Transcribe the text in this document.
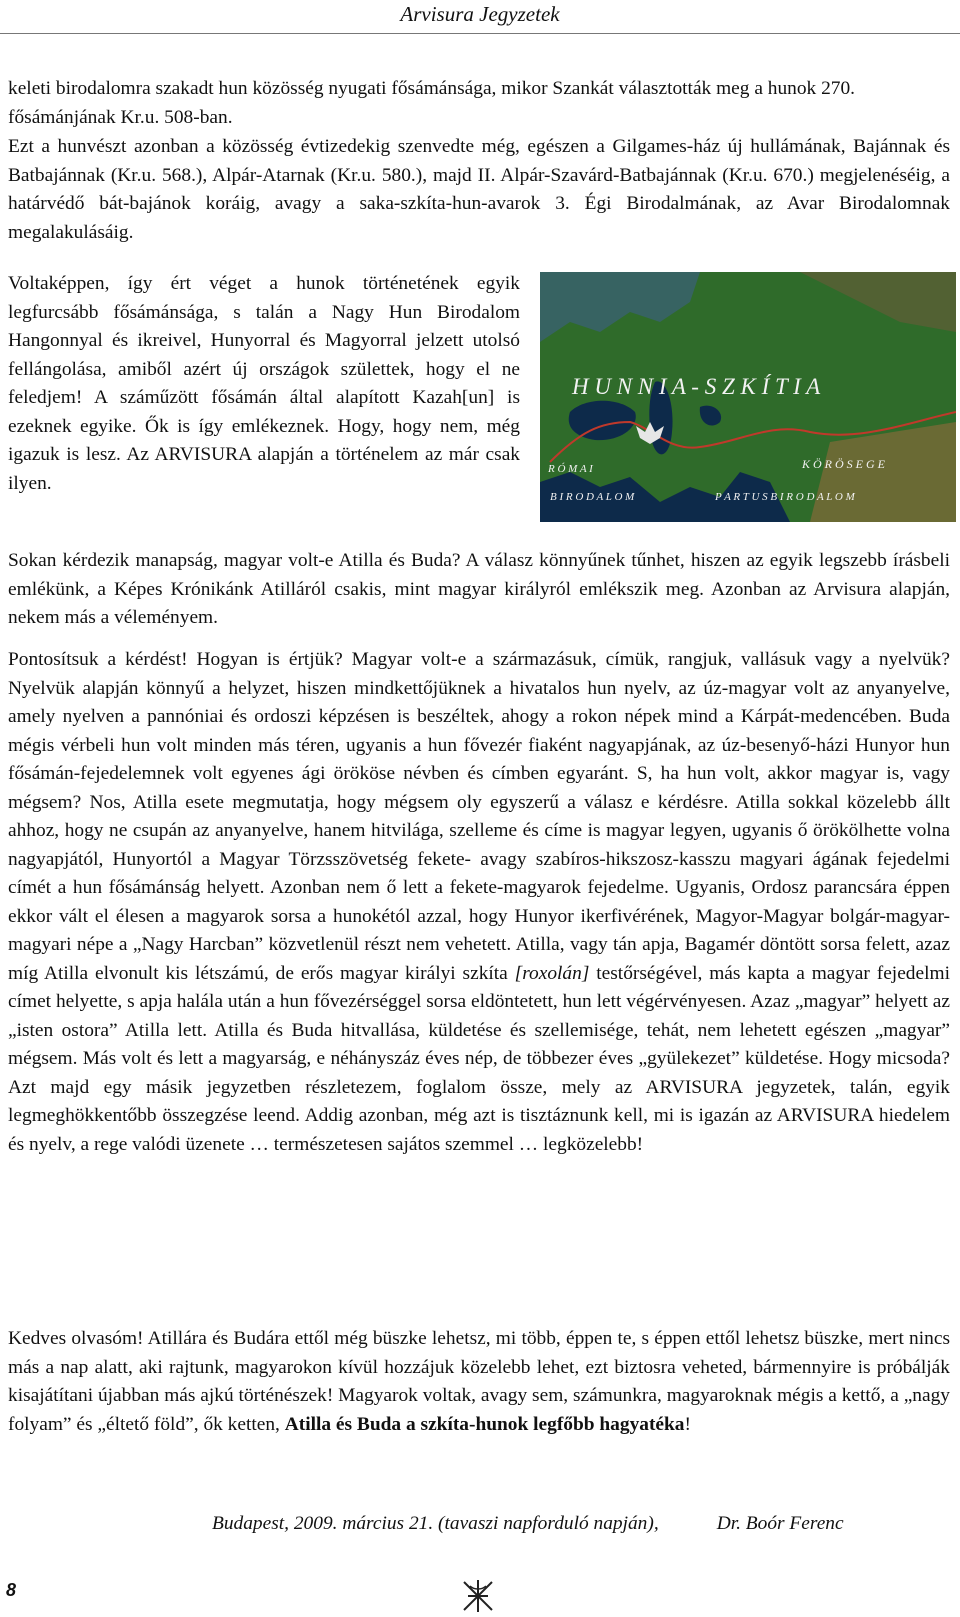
Arvisura Jegyzetek

keleti birodalomra szakadt hun közösség nyugati fősámánsága, mikor Szankát választották meg a hunok 270. fősámánjának Kr.u. 508-ban.

Ezt a hunvészt azonban a közösség évtizedekig szenvedte még, egészen a Gilgames-ház új hullámának, Bajánnak és Batbajánnak (Kr.u. 568.), Alpár-Atarnak (Kr.u. 580.), majd II. Alpár-Szavárd-Batbajánnak (Kr.u. 670.) megjelenéséig, a határvédő bát-bajánok koráig, avagy a saka-szkíta-hun-avarok 3. Égi Birodalmának, az Avar Birodalomnak megalakulásáig.

Voltaképpen, így ért véget a hunok történetének egyik legfurcsább fősámánsága, s talán a Nagy Hun Birodalom Hangonnyal és ikreivel, Hunyorral és Magyorral jelzett utolsó fellángolása, amiből azért új országok születtek, hogy el ne feledjem! A száműzött fősámán által alapított Kazah[un] is ezeknek egyike. Ők is így emlékeznek. Hogy, hogy nem, még igazuk is lesz. Az ARVISURA alapján a történelem az már csak ilyen.

H U N N I A - S Z K Í T I A
R Ó M A I	K Ö R Ö S E G E
B I R O D A L O M	P A R T U S B I R O D A L O M

Sokan kérdezik manapság, magyar volt-e Atilla és Buda? A válasz könnyűnek tűnhet, hiszen az egyik legszebb írásbeli emlékünk, a Képes Krónikánk Atilláról csakis, mint magyar királyról emlékszik meg. Azonban az Arvisura alapján, nekem más a véleményem.

Pontosítsuk a kérdést! Hogyan is értjük? Magyar volt-e a származásuk, címük, rangjuk, vallásuk vagy a nyelvük? Nyelvük alapján könnyű a helyzet, hiszen mindkettőjüknek a hivatalos hun nyelv, az úz-magyar volt az anyanyelve, amely nyelven a pannóniai és ordoszi képzésen is beszéltek, ahogy a rokon népek mind a Kárpát-medencében. Buda mégis vérbeli hun volt minden más téren, ugyanis a hun fővezér fiaként nagyapjának, az úz-besenyő-házi Hunyor hun fősámán-fejedelemnek volt egyenes ági örököse névben és címben egyaránt. S, ha hun volt, akkor magyar is, vagy mégsem? Nos, Atilla esete megmutatja, hogy mégsem oly egyszerű a válasz e kérdésre. Atilla sokkal közelebb állt ahhoz, hogy ne csupán az anyanyelve, hanem hitvilága, szelleme és címe is magyar legyen, ugyanis ő örökölhette volna nagyapjától, Hunyortól a Magyar Törzsszövetség fekete- avagy szabíros-hikszosz-kasszu magyari ágának fejedelmi címét a hun fősámánság helyett. Azonban nem ő lett a fekete-magyarok fejedelme. Ugyanis, Ordosz parancsára éppen ekkor vált el élesen a magyarok sorsa a hunokétól azzal, hogy Hunyor ikerfivérének, Magyor-Magyar bolgár-magyar-magyari népe a „Nagy Harcban” közvetlenül részt nem vehetett. Atilla, vagy tán apja, Bagamér döntött sorsa felett, azaz míg Atilla elvonult kis létszámú, de erős magyar királyi szkíta [roxolán] testőrségével, más kapta a magyar fejedelmi címet helyette, s apja halála után a hun fővezérséggel sorsa eldöntetett, hun lett végérvényesen. Azaz „magyar” helyett az „isten ostora” Atilla lett. Atilla és Buda hitvallása, küldetése és szellemisége, tehát, nem lehetett egészen „magyar” mégsem. Más volt és lett a magyarság, e néhányszáz éves nép, de többezer éves „gyülekezet” küldetése. Hogy micsoda? Azt majd egy másik jegyzetben részletezem, foglalom össze, mely az ARVISURA jegyzetek, talán, egyik legmeghökkentőbb összegzése leend. Addig azonban, még azt is tisztáznunk kell, mi is igazán az ARVISURA hiedelem és nyelv, a rege valódi üzenete … természetesen sajátos szemmel … legközelebb!

Kedves olvasóm! Atillára és Budára ettől még büszke lehetsz, mi több, éppen te, s éppen ettől lehetsz büszke, mert nincs más a nap alatt, aki rajtunk, magyarokon kívül hozzájuk közelebb lehet, ezt biztosra veheted, bármennyire is próbálják kisajátítani újabban más ajkú történészek! Magyarok voltak, avagy sem, számunkra, magyaroknak mégis a kettő, a „nagy folyam” és „éltető föld”, ők ketten, Atilla és Buda a szkíta-hunok legfőbb hagyatéka!

Budapest, 2009. március 21. (tavaszi napforduló napján),	Dr. Boór Ferenc
8
